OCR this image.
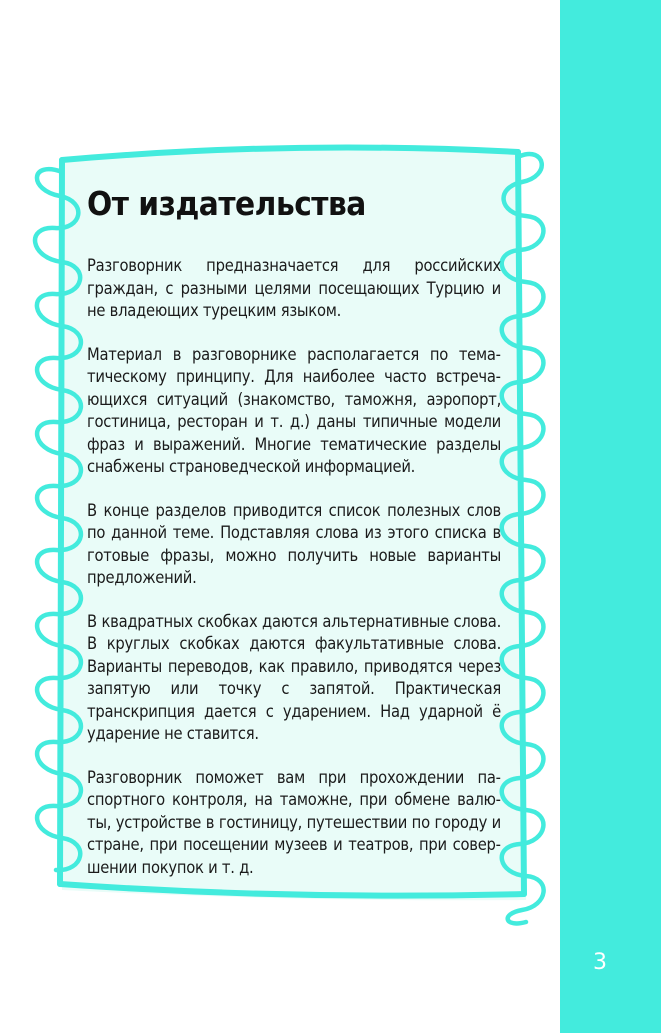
От издательства

Разговорник предназначается для российских граждан, с разными целями посещающих Турцию и не владеющих турецким языком.

Материал в разговорнике располагается по тематическому принципу. Для наиболее часто встречающихся ситуаций (знакомство, таможня, аэропорт, гостиница, ресторан и т. д.) даны типичные модели фраз и выражений. Многие тематические разделы снабжены страноведческой информацией.

В конце разделов приводится список полезных слов по данной теме. Подставляя слова из этого списка в готовые фразы, можно получить новые варианты предложений.

В квадратных скобках даются альтернативные слова. В круглых скобках даются факультативные слова. Варианты переводов, как правило, приводятся через запятую или точку с запятой. Практическая транскрипция дается с ударением. Над ударной ё ударение не ставится.

Разговорник поможет вам при прохождении паспортного контроля, на таможне, при обмене валюты, устройстве в гостиницу, путешествии по городу и стране, при посещении музеев и театров, при совершении покупок и т. д.

3
